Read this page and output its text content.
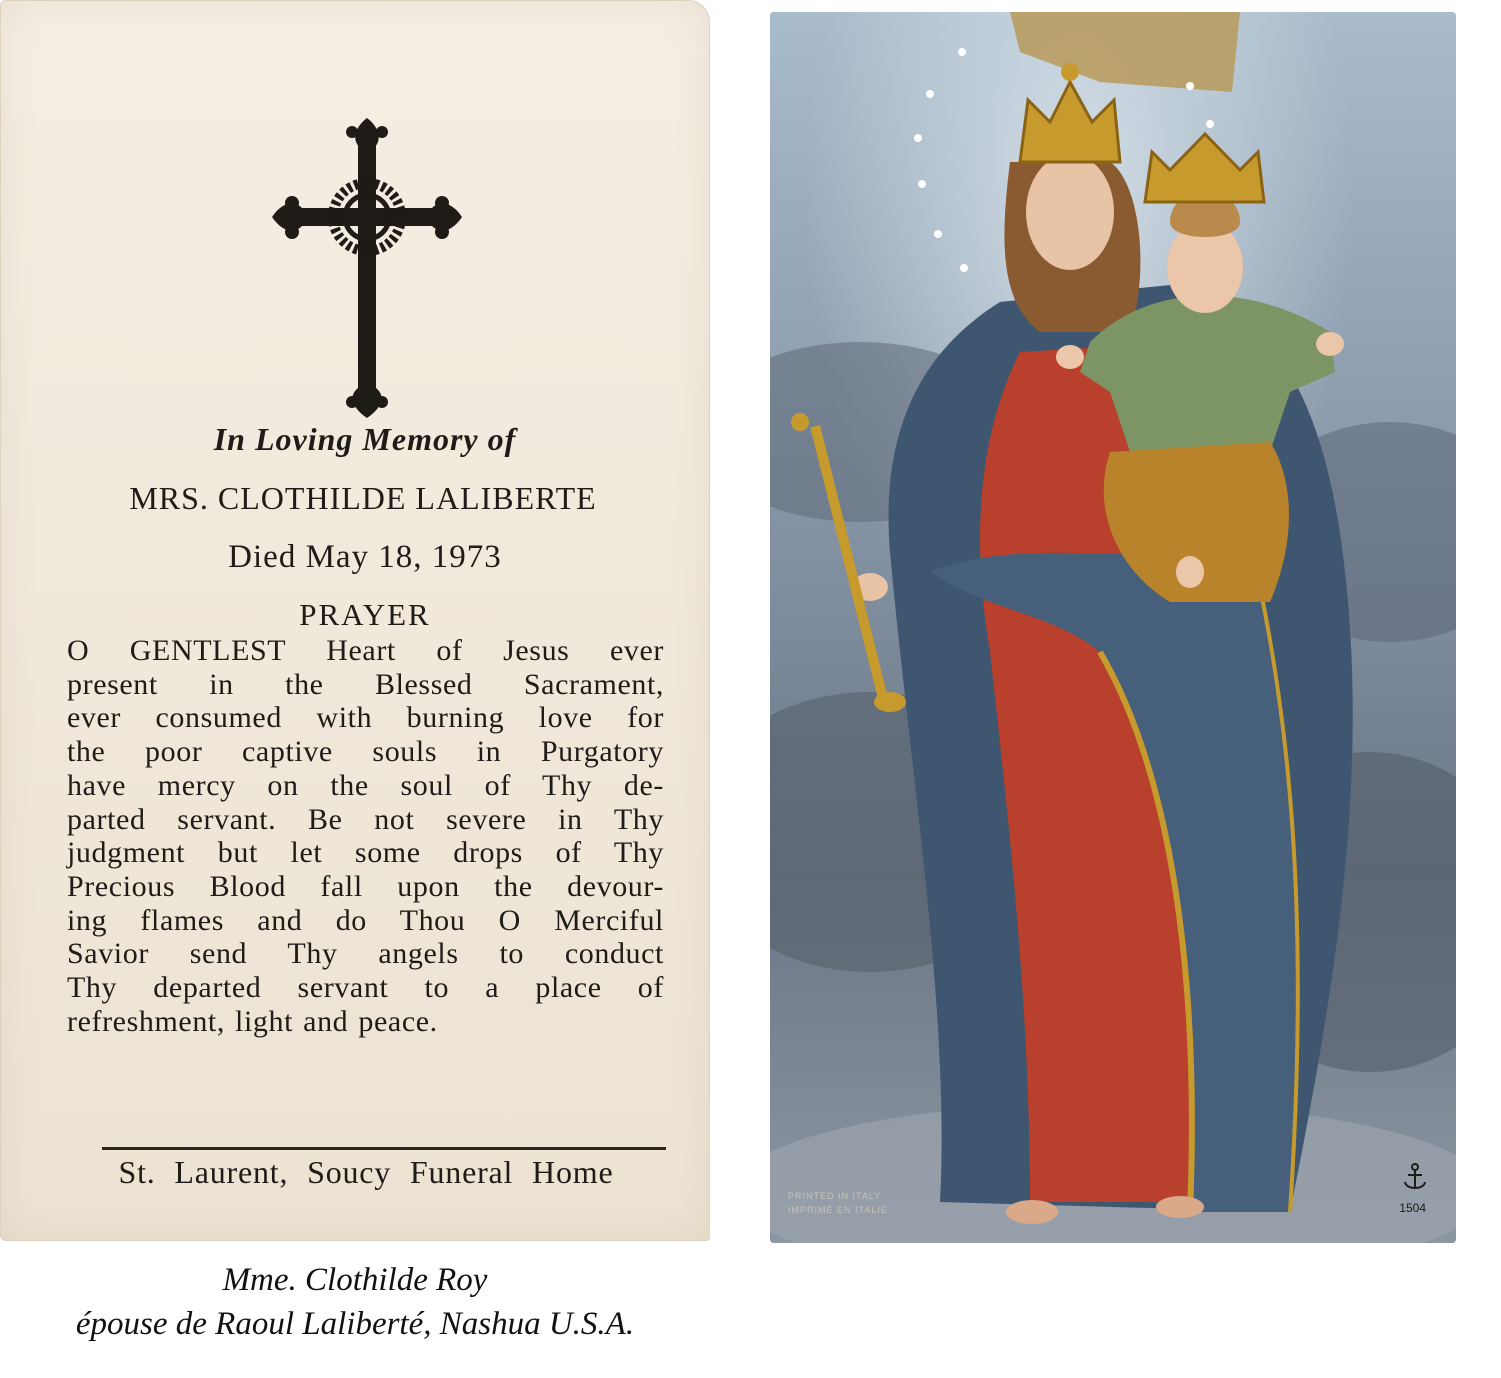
In Loving Memory of
MRS. CLOTHILDE LALIBERTE
Died May 18, 1973
PRAYER
O GENTLEST Heart of Jesus ever
present in the Blessed Sacrament,
ever consumed with burning love for
the poor captive souls in Purgatory
have mercy on the soul of Thy de-
parted servant. Be not severe in Thy
judgment but let some drops of Thy
Precious Blood fall upon the devour-
ing flames and do Thou O Merciful
Savior send Thy angels to conduct
Thy departed servant to a place of
refreshment, light and peace.
St. Laurent, Soucy Funeral Home
PRINTED IN ITALY
IMPRIMÉ EN ITALIE	1504
Mme. Clothilde Roy
épouse de Raoul Laliberté, Nashua U.S.A.
